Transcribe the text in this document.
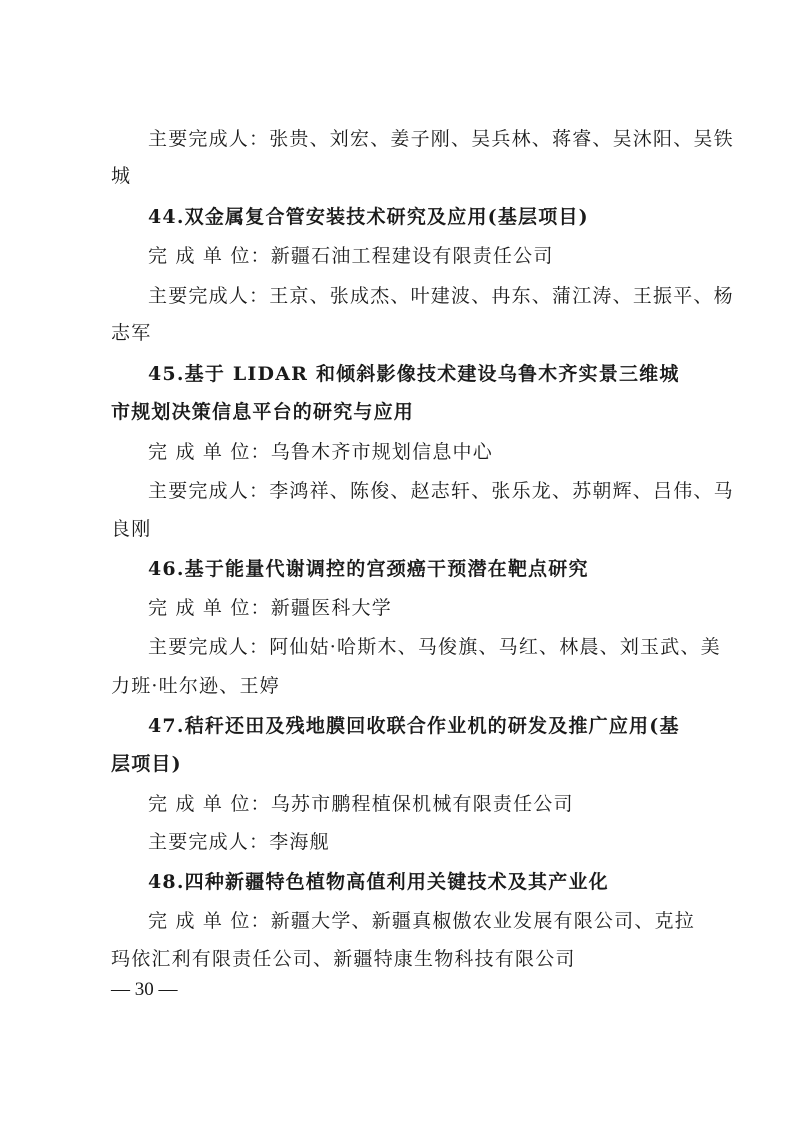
主要完成人：张贵、刘宏、姜子刚、吴兵林、蒋睿、吴沐阳、吴铁
城
44.双金属复合管安装技术研究及应用(基层项目)
完 成 单 位：新疆石油工程建设有限责任公司
主要完成人：王京、张成杰、叶建波、冉东、蒲江涛、王振平、杨
志军
45.基于 LIDAR 和倾斜影像技术建设乌鲁木齐实景三维城
市规划决策信息平台的研究与应用
完 成 单 位：乌鲁木齐市规划信息中心
主要完成人：李鸿祥、陈俊、赵志轩、张乐龙、苏朝辉、吕伟、马
良刚
46.基于能量代谢调控的宫颈癌干预潜在靶点研究
完 成 单 位：新疆医科大学
主要完成人：阿仙姑·哈斯木、马俊旗、马红、林晨、刘玉武、美
力班·吐尔逊、王婷
47.秸秆还田及残地膜回收联合作业机的研发及推广应用(基
层项目)
完 成 单 位：乌苏市鹏程植保机械有限责任公司
主要完成人：李海舰
48.四种新疆特色植物高值利用关键技术及其产业化
完 成 单 位：新疆大学、新疆真椒傲农业发展有限公司、克拉
玛依汇利有限责任公司、新疆特康生物科技有限公司
— 30 —
